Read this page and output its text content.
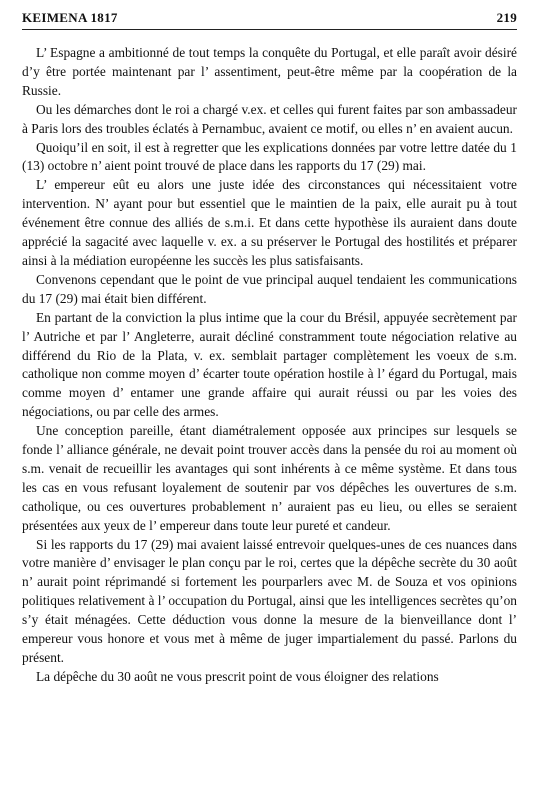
KEIMENA 1817	219

L’ Espagne a ambitionné de tout temps la conquête du Portugal, et elle paraît avoir désiré d’y être portée maintenant par l’ assentiment, peut-être même par la coopération de la Russie.

Ou les démarches dont le roi a chargé v.ex. et celles qui furent faites par son ambassadeur à Paris lors des troubles éclatés à Pernambuc, avaient ce motif, ou elles n’ en avaient aucun.

Quoiqu’il en soit, il est à regretter que les explications données par votre lettre datée du 1 (13) octobre n’ aient point trouvé de place dans les rapports du 17 (29) mai.

L’ empereur eût eu alors une juste idée des circonstances qui nécessitaient votre intervention. N’ ayant pour but essentiel que le maintien de la paix, elle aurait pu à tout événement être connue des alliés de s.m.i. Et dans cette hypothèse ils auraient dans doute apprécié la sagacité avec laquelle v. ex. a su préserver le Portugal des hostilités et préparer ainsi à la médiation européenne les succès les plus satisfaisants.

Convenons cependant que le point de vue principal auquel tendaient les communications du 17 (29) mai était bien différent.

En partant de la conviction la plus intime que la cour du Brésil, appuyée secrètement par l’ Autriche et par l’ Angleterre, aurait décliné constramment toute négociation relative au différend du Rio de la Plata, v. ex. semblait partager complètement les voeux de s.m. catholique non comme moyen d’ écarter toute opération hostile à l’ égard du Portugal, mais comme moyen d’ entamer une grande affaire qui aurait réussi ou par les voies des négociations, ou par celle des armes.

Une conception pareille, étant diamétralement opposée aux principes sur lesquels se fonde l’ alliance générale, ne devait point trouver accès dans la pensée du roi au moment où s.m. venait de recueillir les avantages qui sont inhérents à ce même système. Et dans tous les cas en vous refusant loyalement de soutenir par vos dépêches les ouvertures de s.m. catholique, ou ces ouvertures probablement n’ auraient pas eu lieu, ou elles se seraient présentées aux yeux de l’ empereur dans toute leur pureté et candeur.

Si les rapports du 17 (29) mai avaient laissé entrevoir quelques-unes de ces nuances dans votre manière d’ envisager le plan conçu par le roi, certes que la dépêche secrète du 30 août n’ aurait point réprimandé si fortement les pourparlers avec M. de Souza et vos opinions politiques relativement à l’ occupation du Portugal, ainsi que les intelligences secrètes qu’on s’y était ménagées. Cette déduction vous donne la mesure de la bienveillance dont l’ empereur vous honore et vous met à même de juger impartialement du passé. Parlons du présent.

La dépêche du 30 août ne vous prescrit point de vous éloigner des relations
